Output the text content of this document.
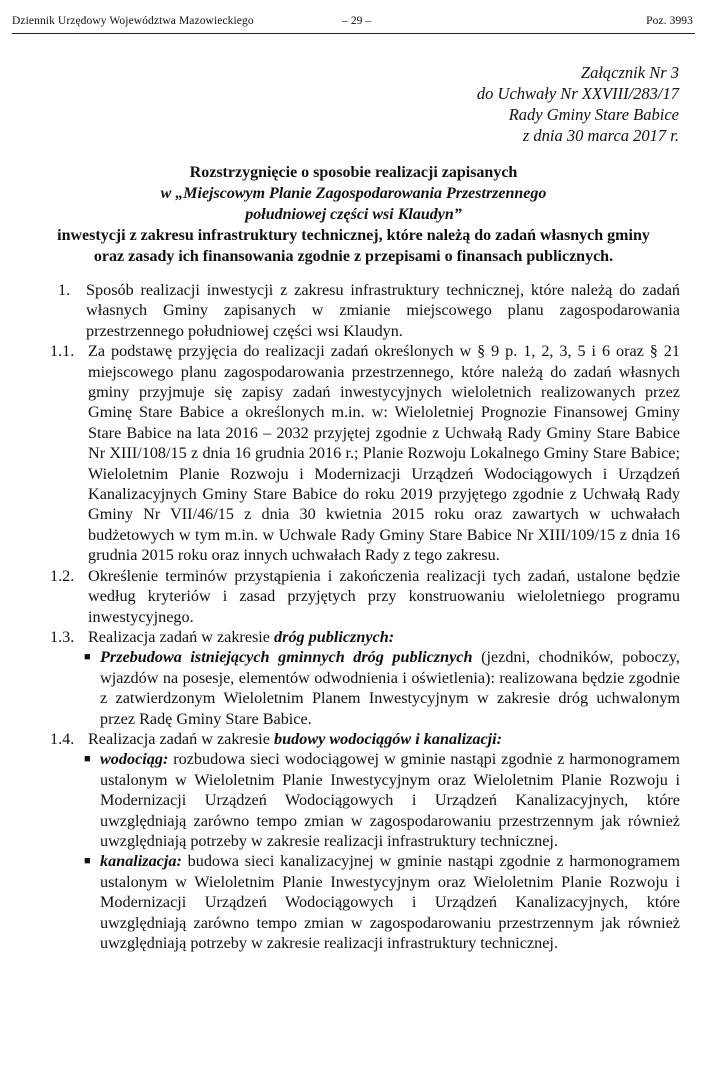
Dziennik Urzędowy Województwa Mazowieckiego	– 29 –	Poz. 3993
Załącznik Nr 3
do Uchwały Nr XXVIII/283/17
Rady Gminy Stare Babice
z dnia 30 marca 2017 r.
Rozstrzygnięcie o sposobie realizacji zapisanych
w „Miejscowym Planie Zagospodarowania Przestrzennego
południowej części wsi Klaudyn”
inwestycji z zakresu infrastruktury technicznej, które należą do zadań własnych gminy
oraz zasady ich finansowania zgodnie z przepisami o finansach publicznych.

1. Sposób realizacji inwestycji z zakresu infrastruktury technicznej, które należą do zadań własnych Gminy zapisanych w zmianie miejscowego planu zagospodarowania przestrzennego południowej części wsi Klaudyn.

1.1. Za podstawę przyjęcia do realizacji zadań określonych w § 9 p. 1, 2, 3, 5 i 6 oraz § 21 miejscowego planu zagospodarowania przestrzennego, które należą do zadań własnych gminy przyjmuje się zapisy zadań inwestycyjnych wieloletnich realizowanych przez Gminę Stare Babice a określonych m.in. w: Wieloletniej Prognozie Finansowej Gminy Stare Babice na lata 2016 – 2032 przyjętej zgodnie z Uchwałą Rady Gminy Stare Babice Nr XIII/108/15 z dnia 16 grudnia 2016 r.; Planie Rozwoju Lokalnego Gminy Stare Babice; Wieloletnim Planie Rozwoju i Modernizacji Urządzeń Wodociągowych i Urządzeń Kanalizacyjnych Gminy Stare Babice do roku 2019 przyjętego zgodnie z Uchwałą Rady Gminy Nr VII/46/15 z dnia 30 kwietnia 2015 roku oraz zawartych w uchwałach budżetowych w tym m.in. w Uchwale Rady Gminy Stare Babice Nr XIII/109/15 z dnia 16 grudnia 2015 roku oraz innych uchwałach Rady z tego zakresu.

1.2. Określenie terminów przystąpienia i zakończenia realizacji tych zadań, ustalone będzie według kryteriów i zasad przyjętych przy konstruowaniu wieloletniego programu inwestycyjnego.

1.3. Realizacja zadań w zakresie dróg publicznych:

■ Przebudowa istniejących gminnych dróg publicznych (jezdni, chodników, poboczy, wjazdów na posesje, elementów odwodnienia i oświetlenia): realizowana będzie zgodnie z zatwierdzonym Wieloletnim Planem Inwestycyjnym w zakresie dróg uchwalonym przez Radę Gminy Stare Babice.

1.4. Realizacja zadań w zakresie budowy wodociągów i kanalizacji:

■ wodociąg: rozbudowa sieci wodociągowej w gminie nastąpi zgodnie z harmonogramem ustalonym w Wieloletnim Planie Inwestycyjnym oraz Wieloletnim Planie Rozwoju i Modernizacji Urządzeń Wodociągowych i Urządzeń Kanalizacyjnych, które uwzględniają zarówno tempo zmian w zagospodarowaniu przestrzennym jak również uwzględniają potrzeby w zakresie realizacji infrastruktury technicznej.

■ kanalizacja: budowa sieci kanalizacyjnej w gminie nastąpi zgodnie z harmonogramem ustalonym w Wieloletnim Planie Inwestycyjnym oraz Wieloletnim Planie Rozwoju i Modernizacji Urządzeń Wodociągowych i Urządzeń Kanalizacyjnych, które uwzględniają zarówno tempo zmian w zagospodarowaniu przestrzennym jak również uwzględniają potrzeby w zakresie realizacji infrastruktury technicznej.
